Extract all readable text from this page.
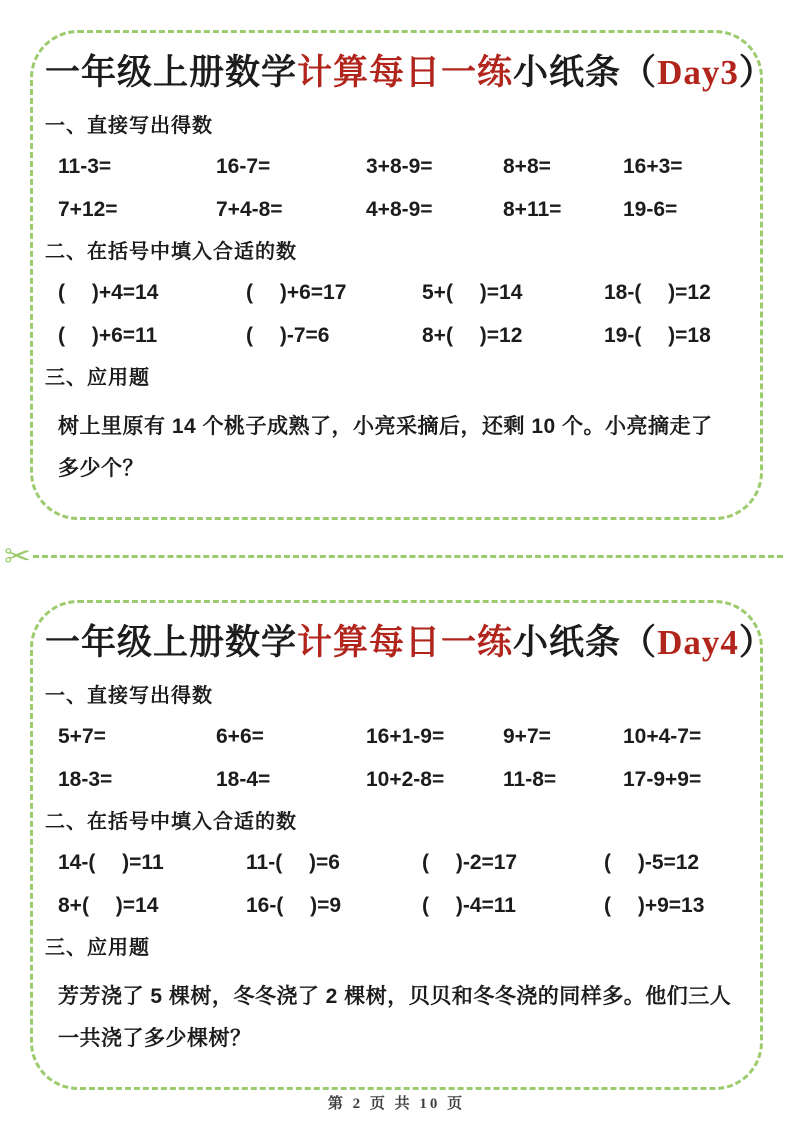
一年级上册数学计算每日一练小纸条（Day3）
一、直接写出得数
11-3=	16-7=	3+8-9=	8+8=	16+3=
7+12=	7+4-8=	4+8-9=	8+11=	19-6=
二、在括号中填入合适的数
(　 )+4=14	(　 )+6=17	5+(　 )=14	18-(　 )=12
(　 )+6=11	(　 )-7=6	8+(　 )=12	19-(　 )=18
三、应用题

树上里原有 14 个桃子成熟了，小亮采摘后，还剩 10 个。小亮摘走了多少个？

✂
一年级上册数学计算每日一练小纸条（Day4）
一、直接写出得数
5+7=	6+6=	16+1-9=	9+7=	10+4-7=
18-3=	18-4=	10+2-8=	11-8=	17-9+9=
二、在括号中填入合适的数
14-(　 )=11	11-(　 )=6	(　 )-2=17	(　 )-5=12
8+(　 )=14	16-(　 )=9	(　 )-4=11	(　 )+9=13
三、应用题

芳芳浇了 5 棵树，冬冬浇了 2 棵树，贝贝和冬冬浇的同样多。他们三人一共浇了多少棵树？

第 2 页 共 10 页
